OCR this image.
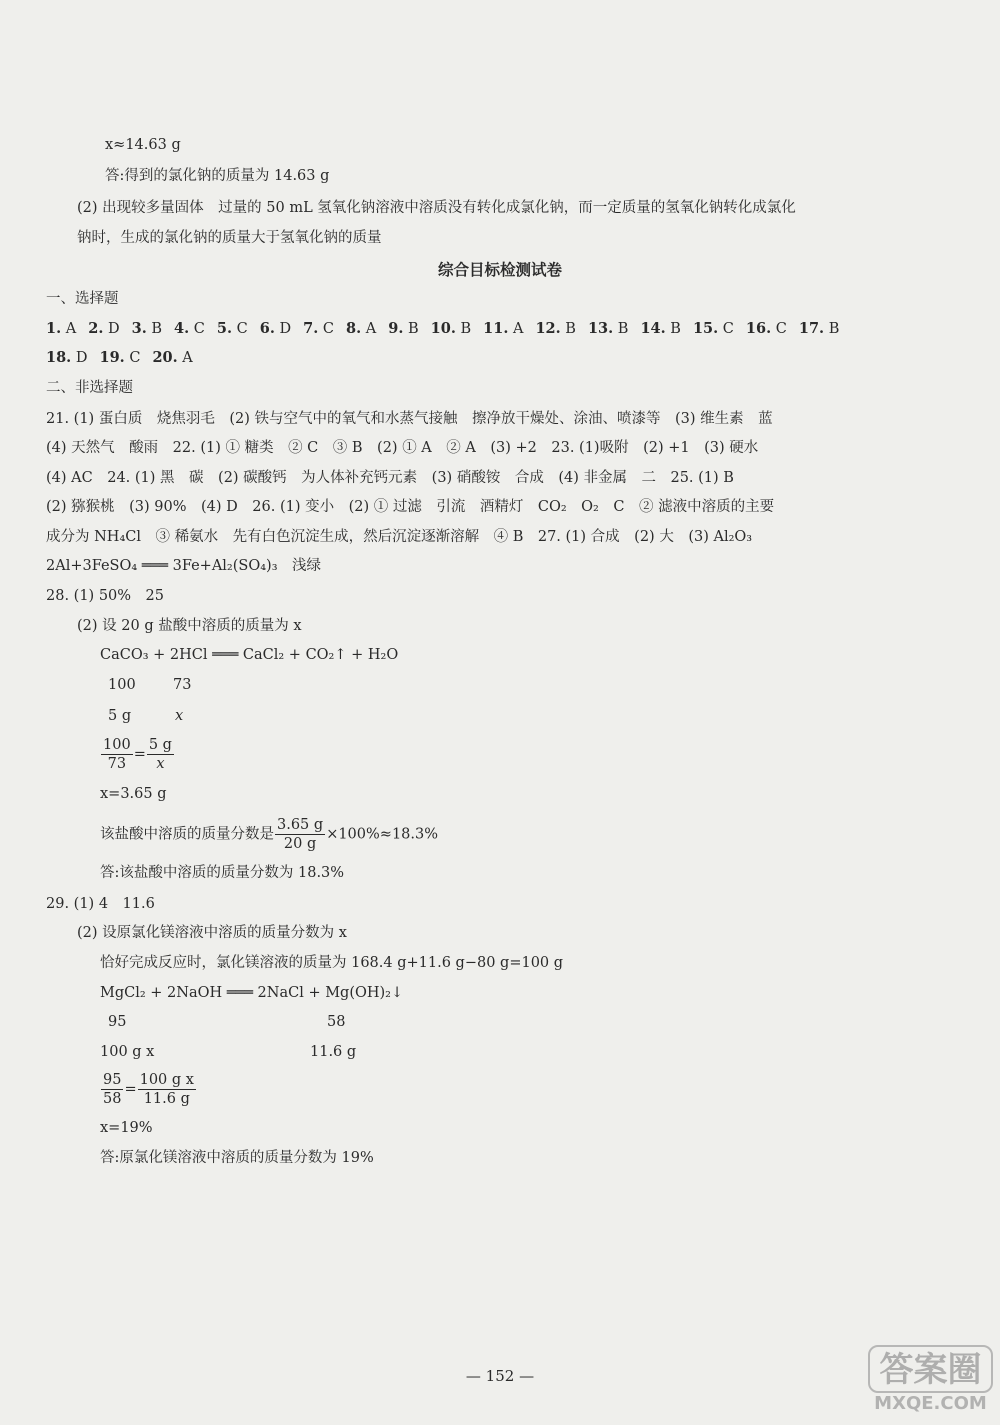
x≈14.63 g
答:得到的氯化钠的质量为 14.63 g
(2) 出现较多量固体　过量的 50 mL 氢氧化钠溶液中溶质没有转化成氯化钠，而一定质量的氢氧化钠转化成氯化
钠时，生成的氯化钠的质量大于氢氧化钠的质量
综合目标检测试卷
一、选择题
1. A 2. D 3. B 4. C 5. C 6. D 7. C 8. A 9. B 10. B 11. A 12. B 13. B 14. B 15. C 16. C 17. B
18. D 19. C 20. A
二、非选择题
21. (1) 蛋白质　烧焦羽毛　(2) 铁与空气中的氧气和水蒸气接触　擦净放干燥处、涂油、喷漆等　(3) 维生素　蓝
(4) 天然气　酸雨　22. (1) ① 糖类　② C　③ B　(2) ① A　② A　(3) +2　23. (1)吸附　(2) +1　(3) 硬水
(4) AC　24. (1) 黑　碳　(2) 碳酸钙　为人体补充钙元素　(3) 硝酸铵　合成　(4) 非金属　二　25. (1) B
(2) 猕猴桃　(3) 90%　(4) D　26. (1) 变小　(2) ① 过滤　引流　酒精灯　CO₂　O₂　C　② 滤液中溶质的主要
成分为 NH₄Cl　③ 稀氨水　先有白色沉淀生成，然后沉淀逐渐溶解　④ B　27. (1) 合成　(2) 大　(3) Al₂O₃
2Al+3FeSO₄ ═══ 3Fe+Al₂(SO₄)₃　浅绿
28. (1) 50%　25
(2) 设 20 g 盐酸中溶质的质量为 x
CaCO₃ + 2HCl ═══ CaCl₂ + CO₂↑ + H₂O
100	73
5 g	x
$\frac{100}{73} = \frac{5 g}{x}$
x=3.65 g
该盐酸中溶质的质量分数是 $\frac{3.65 g}{20 g} \times 100\%\approx 18.3\%$
答:该盐酸中溶质的质量分数为 18.3%
29. (1) 4　11.6
(2) 设原氯化镁溶液中溶质的质量分数为 x
恰好完成反应时，氯化镁溶液的质量为 168.4 g+11.6 g−80 g=100 g
MgCl₂ + 2NaOH ═══ 2NaCl + Mg(OH)₂↓
95	58
100 g x	11.6 g
$\frac{95}{58} = \frac{\text{100 g x}}{11.6 g}$
x=19%
答:原氯化镁溶液中溶质的质量分数为 19%
— 152 —	答案圈
MXQE.COM
